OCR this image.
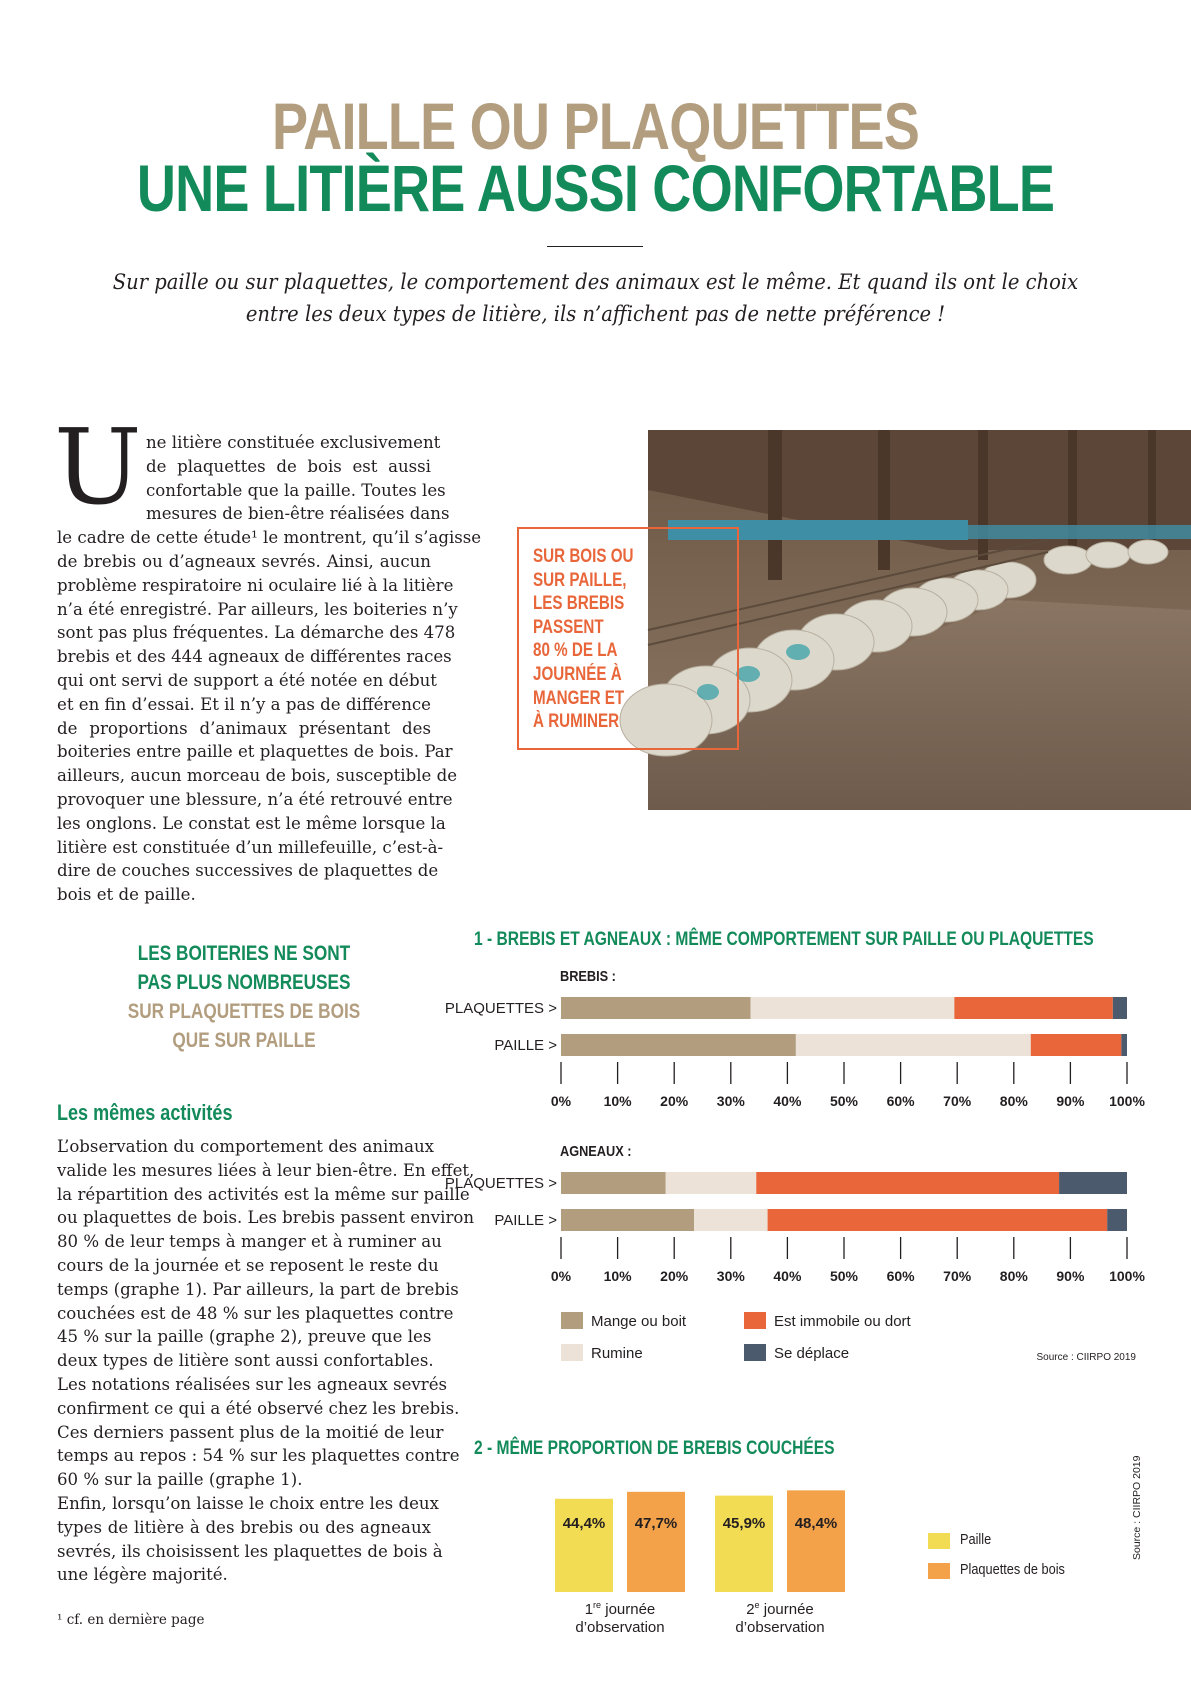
PAILLE OU PLAQUETTES
UNE LITIÈRE AUSSI CONFORTABLE
Sur paille ou sur plaquettes, le comportement des animaux est le même. Et quand ils ont le choix
entre les deux types de litière, ils n’affichent pas de nette préférence !
U ne litière constituée exclusivement
de plaquettes de bois est aussi
confortable que la paille. Toutes les
mesures de bien-être réalisées dans
le cadre de cette étude¹ le montrent, qu’il s’agisse
de brebis ou d’agneaux sevrés. Ainsi, aucun
problème respiratoire ni oculaire lié à la litière
n’a été enregistré. Par ailleurs, les boiteries n’y
sont pas plus fréquentes. La démarche des 478
brebis et des 444 agneaux de différentes races
qui ont servi de support a été notée en début
et en fin d’essai. Et il n’y a pas de différence
de proportions d’animaux présentant des
boiteries entre paille et plaquettes de bois. Par
ailleurs, aucun morceau de bois, susceptible de
provoquer une blessure, n’a été retrouvé entre
les onglons. Le constat est le même lorsque la
litière est constituée d’un millefeuille, c’est-à-
dire de couches successives de plaquettes de
bois et de paille.
LES BOITERIES NE SONT
PAS PLUS NOMBREUSES
SUR PLAQUETTES DE BOIS
QUE SUR PAILLE
Les mêmes activités
L’observation du comportement des animaux
valide les mesures liées à leur bien-être. En effet,
la répartition des activités est la même sur paille
ou plaquettes de bois. Les brebis passent environ
80 % de leur temps à manger et à ruminer au
cours de la journée et se reposent le reste du
temps (graphe 1). Par ailleurs, la part de brebis
couchées est de 48 % sur les plaquettes contre
45 % sur la paille (graphe 2), preuve que les
deux types de litière sont aussi confortables.
Les notations réalisées sur les agneaux sevrés
confirment ce qui a été observé chez les brebis.
Ces derniers passent plus de la moitié de leur
temps au repos : 54 % sur les plaquettes contre
60 % sur la paille (graphe 1).
Enfin, lorsqu’on laisse le choix entre les deux
types de litière à des brebis ou des agneaux
sevrés, ils choisissent les plaquettes de bois à
une légère majorité.
¹ cf. en dernière page
SUR BOIS OU
SUR PAILLE,
LES BREBIS
PASSENT
80 % DE LA
JOURNÉE À
MANGER ET
À RUMINER
1 - BREBIS ET AGNEAUX : MÊME COMPORTEMENT SUR PAILLE OU PLAQUETTES
BREBIS :
PLAQUETTES >
PAILLE >
0% 10% 20% 30% 40% 50% 60% 70% 80% 90% 100%
AGNEAUX :
PLAQUETTES >
PAILLE >
0% 10% 20% 30% 40% 50% 60% 70% 80% 90% 100%
Mange ou boit
Rumine
Est immobile ou dort
Se déplace	Source : CIIRPO 2019
2 - MÊME PROPORTION DE BREBIS COUCHÉES
44,4% 47,7%
1re journée
d’observation
45,9% 48,4%
2e journée
d’observation
Source : CIIRPO 2019
Paille
Plaquettes de bois
